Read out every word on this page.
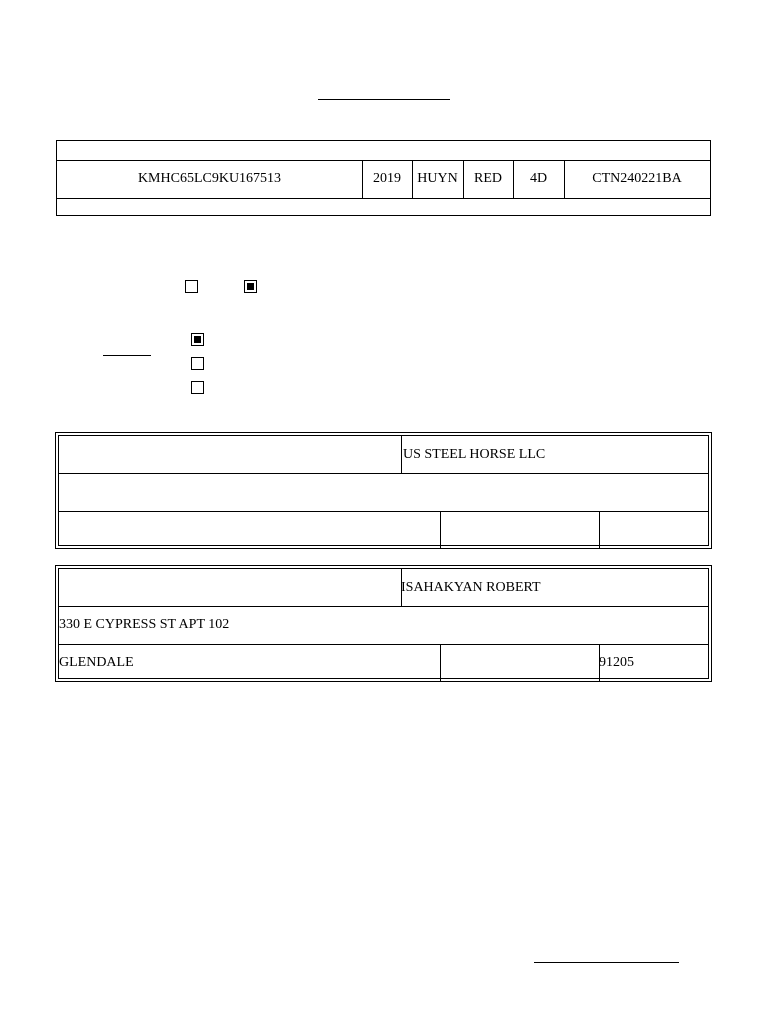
KMHC65LC9KU167513	2019	HUYN	RED	4D	CTN240221BA
US STEEL HORSE LLC
ISAHAKYAN ROBERT
330 E CYPRESS ST APT 102
GLENDALE	91205
